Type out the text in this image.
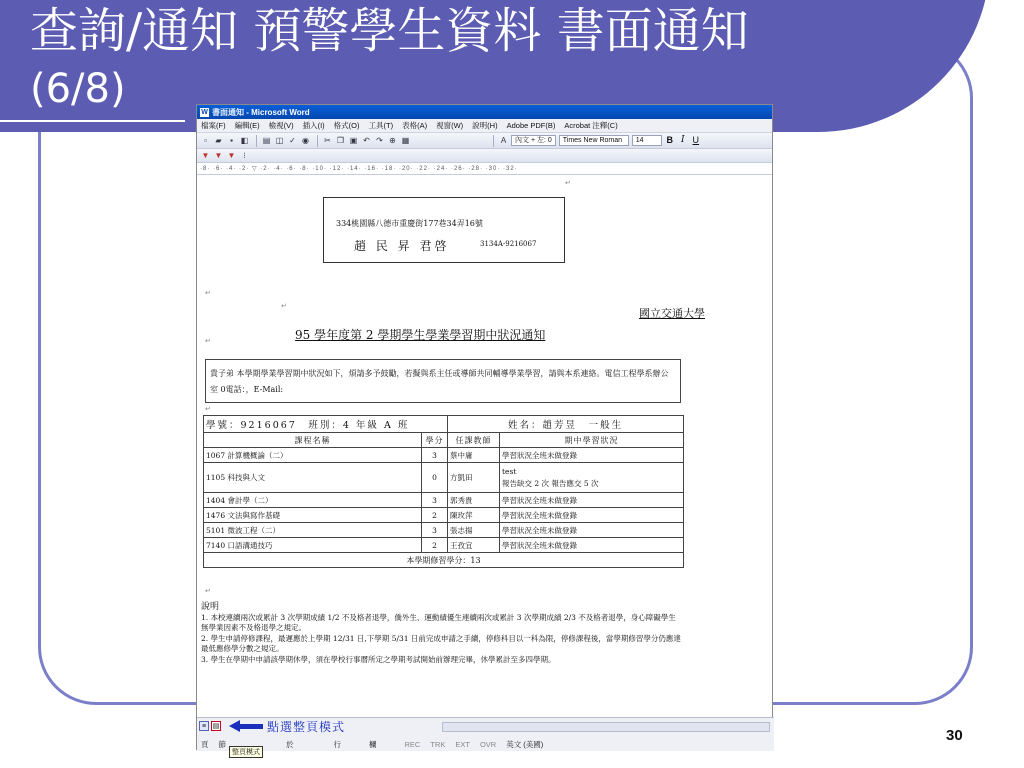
查詢/通知 預警學生資料 書面通知
(6/8)	W 書面通知 - Microsoft Word
檔案(F) 編輯(E) 檢視(V) 插入(I) 格式(O) 工具(T) 表格(A) 視窗(W) 說明(H) Adobe PDF(B) Acrobat 注釋(C)
▫	▰	▪ ◧ ▤ ◫ ✓ ◉ ✂ ❐ ▣ ↶ ↷ ⊕ ▦	A	內文 + 左: 0	Times New Roman	14	B I U
▼ ▼ ▼ ⁝
·8· ·6· ·4· ·2· ▽ ·2· ·4· ·6· ·8· ·10· ·12· ·14· ·16· ·18· ·20· ·22· ·24· ·26· ·28· ·30· ·32·
↵
334桃園縣八德市重慶街177巷34弄16號
趙 民 昇 君啓	3134A-9216067
↵
↵
國立交通大學
95 學年度第 2 學期學生學業學習期中狀況通知
↵
貴子弟 本學期學業學習期中狀況如下，煩請多予鼓勵，若擬與系主任或導師共同輔導學業學習，請與本系連絡。電信工程學系辦公室 0電話：，E-Mail:
↵
學號：9216067　 班別：4 年級 A 班		姓名：趙芳昱　 一般生	
課程名稱	學分	任課教師	期中學習狀況
1067 計算機概論（二）	3	蔡中庸	學習狀況全班未做登錄
1105 科技與人文	0	方凱田	test
報告缺交 2 次 報告應交 5 次

1404 會計學（二）	3	郭秀貴	學習狀況全班未做登錄
1476 文法與寫作基礎	2	陳玫萍	學習狀況全班未做登錄
5101 微波工程（二）	3	張志揚	學習狀況全班未做登錄
7140 口語溝通技巧	2	王孜宜	學習狀況全班未做登錄
本學期修習學分：13			
↵
說明
1. 本校連續兩次或累計 3 次學期成績 1/2 不及格者退學，僑外生、運動績優生連續兩次或累計 3 次學期成績 2/3 不及格者退學，身心障礙學生無學業因素不及格退學之規定。
2. 學生申請停修課程，最遲應於上學期 12/31 日,下學期 5/31 日前完成申請之手續，停修科目以一科為限，停修課程後，當學期修習學分仍應達最低應修學分數之規定。
3. 學生在學期中申請該學期休學，須在學校行事曆所定之學期考試開始前辦理完畢，休學累計至多四學期。
≡ ▤	點選整頁模式
頁 節	於	行	欄	REC TRK EXT OVR 英文 (美國)
整頁模式
30
